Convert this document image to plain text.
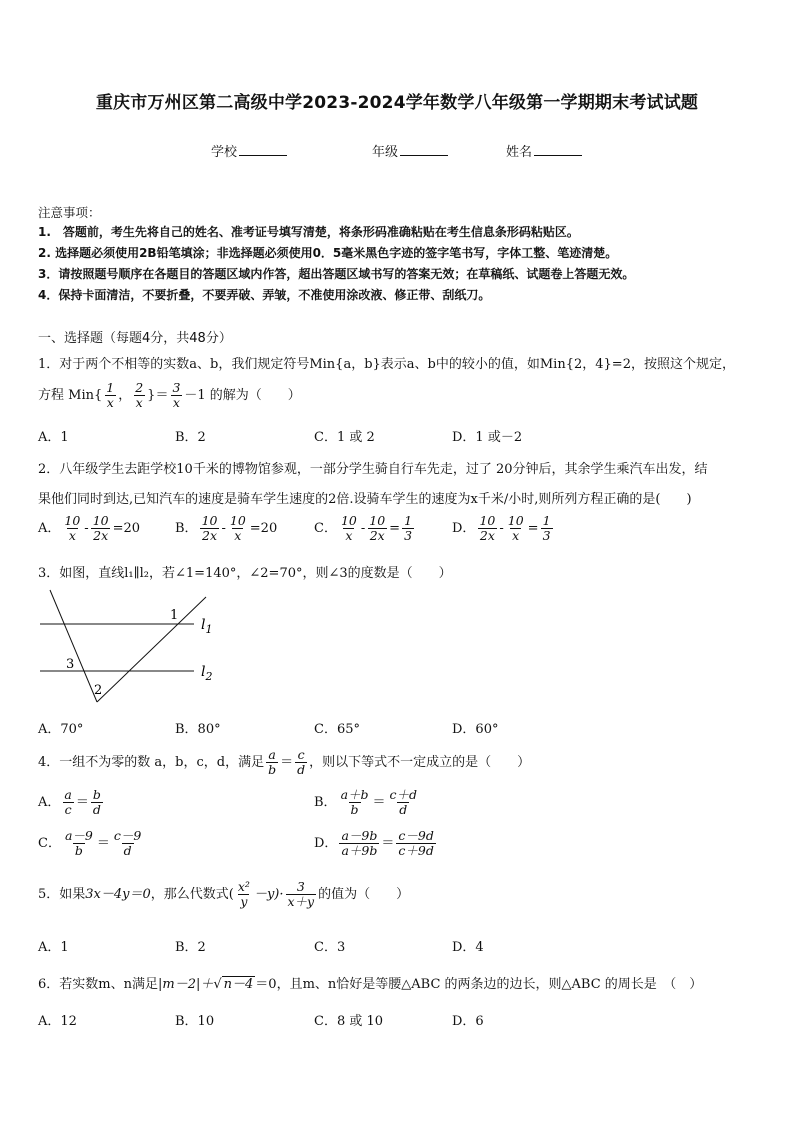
重庆市万州区第二高级中学2023-2024学年数学八年级第一学期期末考试试题
学校	年级	姓名
注意事项：
1.　答题前，考生先将自己的姓名、准考证号填写清楚，将条形码准确粘贴在考生信息条形码粘贴区。
2. 选择题必须使用2B铅笔填涂；非选择题必须使用0．5毫米黑色字迹的签字笔书写，字体工整、笔迹清楚。
3．请按照题号顺序在各题目的答题区域内作答，超出答题区域书写的答案无效；在草稿纸、试题卷上答题无效。
4．保持卡面清洁，不要折叠，不要弄破、弄皱，不准使用涂改液、修正带、刮纸刀。
一、选择题（每题4分，共48分）
1．对于两个不相等的实数a、b，我们规定符号Min{a，b}表示a、b中的较小的值，如Min{2，4}=2，按照这个规定，
方程 $Min\{ \frac{1}{x}$ ， $\frac{2}{x}$ }＝ $\frac{3}{x} -1$ 的解为（　　）
A．1	B．2	C．1 或 2	D．1 或－2
2．八年级学生去距学校10千米的博物馆参观，一部分学生骑自行车先走，过了 20分钟后，其余学生乘汽车出发，结
果他们同时到达,已知汽车的速度是骑车学生速度的2倍.设骑车学生的速度为x千米/小时,则所列方程正确的是(　　)
A． $\frac{10}{x} - \frac{10}{2x} =20$	B． $\frac{10}{2x} - \frac{10}{x} =20$	C． $\frac{10}{x} - \frac{10}{2x} = \frac{1}{3}$	D． $\frac{10}{2x} - \frac{10}{x} = \frac{1}{3}$
3．如图，直线l₁∥l₂，若∠1=140°，∠2=70°，则∠3的度数是（　　）
1
3
2
$l_1$
$l_2$
A．70°	B．80°	C．65°	D．60°
4．一组不为零的数 a，b，c，d，满足 $\frac{a}{b} = \frac{c}{d}$ ，则以下等式不一定成立的是（　　）
A． $\frac{a}{c} = \frac{b}{d}$	B． $\frac{a+b}{b} = \frac{c+d}{d}$
C． $\frac{a-9}{b} = \frac{c-9}{d}$	D． $\frac{a-9b}{a+9b} = \frac{c-9d}{c+9d}$
5．如果3x－4y＝0，那么代数式( $\frac{\text{x²}}{y} -y)\cdot \frac{3}{x+y}$ 的值为（　　）
A．1	B．2	C．3	D．4
6．若实数m、n满足|m－2|＋√ n－4 ＝0，且m、n恰好是等腰△ABC 的两条边的边长，则△ABC 的周长是　（　）
A．12	B．10	C．8 或 10	D．6
